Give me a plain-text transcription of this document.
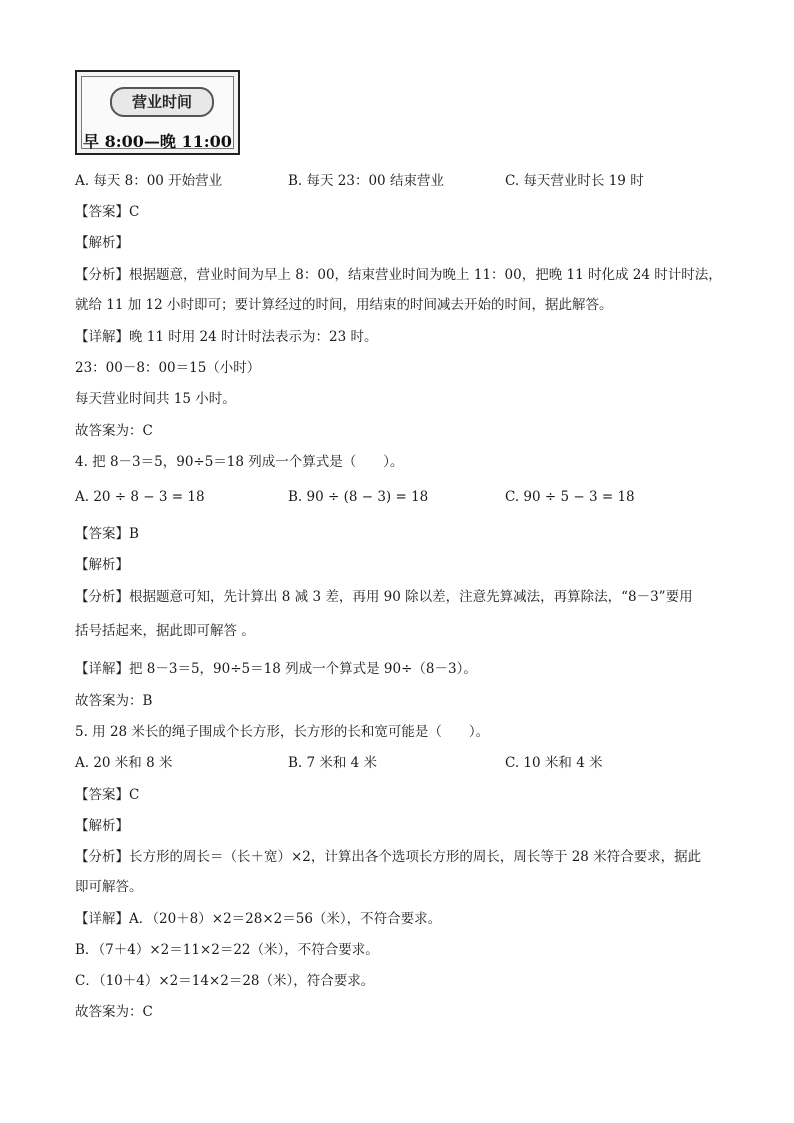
营业时间
早 8:00—晚 11:00
A. 每天 8：00 开始营业	B. 每天 23：00 结束营业	C. 每天营业时长 19 时
【答案】C
【解析】
【分析】根据题意，营业时间为早上 8：00，结束营业时间为晚上 11：00，把晚 11 时化成 24 时计时法，
就给 11 加 12 小时即可；要计算经过的时间，用结束的时间减去开始的时间，据此解答。
【详解】晚 11 时用 24 时计时法表示为：23 时。
23：00－8：00＝15（小时）
每天营业时间共 15 小时。
故答案为：C
4. 把 8－3＝5，90÷5＝18 列成一个算式是（　　）。
A. 20 ÷ 8 − 3 = 18	B. 90 ÷ (8 − 3) = 18	C. 90 ÷ 5 − 3 = 18
【答案】B
【解析】
【分析】根据题意可知，先计算出 8 减 3 差，再用 90 除以差，注意先算减法，再算除法，“8－3”要用
括号括起来，据此即可解答 。
【详解】把 8－3＝5，90÷5＝18 列成一个算式是 90÷（8－3）。
故答案为：B
5. 用 28 米长的绳子围成个长方形，长方形的长和宽可能是（　　）。
A. 20 米和 8 米	B. 7 米和 4 米	C. 10 米和 4 米
【答案】C
【解析】
【分析】长方形的周长＝（长＋宽）×2，计算出各个选项长方形的周长，周长等于 28 米符合要求，据此
即可解答。
【详解】A．（20＋8）×2＝28×2＝56（米），不符合要求。
B．（7＋4）×2＝11×2＝22（米），不符合要求。
C．（10＋4）×2＝14×2＝28（米），符合要求。
故答案为：C
